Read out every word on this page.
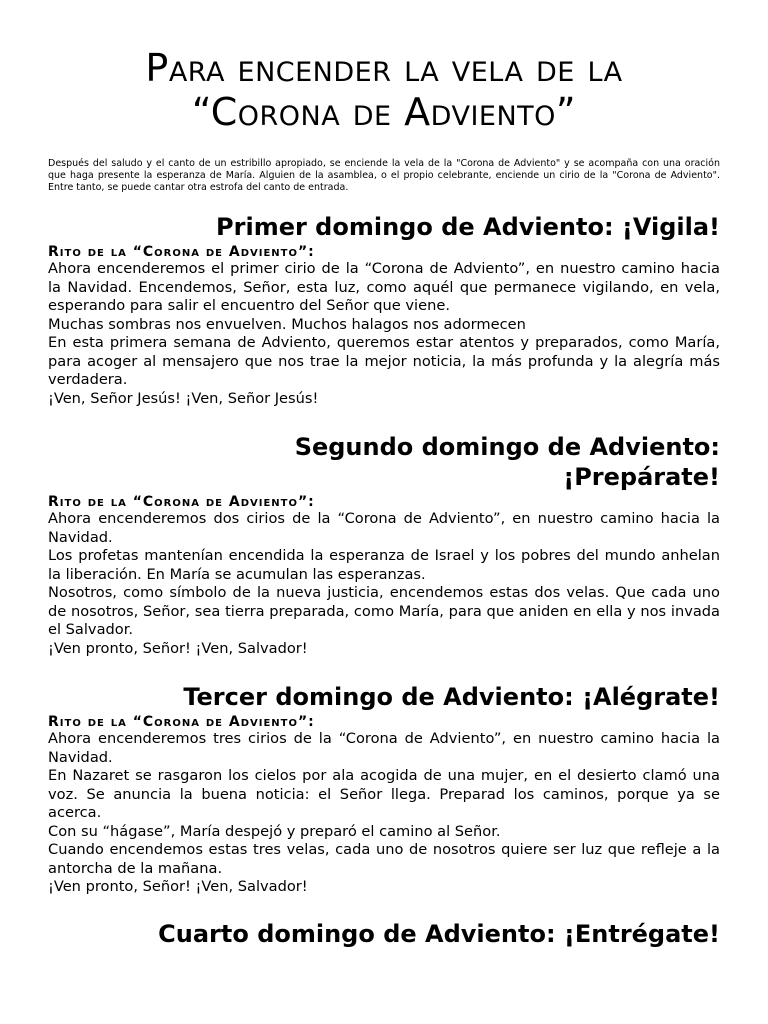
Para encender la vela de la
“Corona de Adviento”

Después del saludo y el canto de un estribillo apropiado, se enciende la vela de la "Corona de Adviento" y se acompaña con una oración que haga presente la esperanza de María. Alguien de la asamblea, o el propio celebrante, enciende un cirio de la "Corona de Adviento". Entre tanto, se puede cantar otra estrofa del canto de entrada.

Primer domingo de Adviento: ¡Vigila!
Rito de la “Corona de Adviento”:

Ahora encenderemos el primer cirio de la “Corona de Adviento”, en nuestro camino hacia la Navidad. Encendemos, Señor, esta luz, como aquél que permanece vigilando, en vela, esperando para salir el encuentro del Señor que viene.

Muchas sombras nos envuelven. Muchos halagos nos adormecen

En esta primera semana de Adviento, queremos estar atentos y preparados, como María, para acoger al mensajero que nos trae la mejor noticia, la más profunda y la alegría más verdadera.

¡Ven, Señor Jesús! ¡Ven, Señor Jesús!

Segundo domingo de Adviento:
¡Prepárate!
Rito de la “Corona de Adviento”:

Ahora encenderemos dos cirios de la “Corona de Adviento”, en nuestro camino hacia la Navidad.

Los profetas mantenían encendida la esperanza de Israel y los pobres del mundo anhelan la liberación. En María se acumulan las esperanzas.

Nosotros, como símbolo de la nueva justicia, encendemos estas dos velas. Que cada uno de nosotros, Señor, sea tierra preparada, como María, para que aniden en ella y nos invada el Salvador.

¡Ven pronto, Señor! ¡Ven, Salvador!

Tercer domingo de Adviento: ¡Alégrate!
Rito de la “Corona de Adviento”:

Ahora encenderemos tres cirios de la “Corona de Adviento”, en nuestro camino hacia la Navidad.

En Nazaret se rasgaron los cielos por ala acogida de una mujer, en el desierto clamó una voz. Se anuncia la buena noticia: el Señor llega. Preparad los caminos, porque ya se acerca.

Con su “hágase”, María despejó y preparó el camino al Señor.

Cuando encendemos estas tres velas, cada uno de nosotros quiere ser luz que refleje a la antorcha de la mañana.

¡Ven pronto, Señor! ¡Ven, Salvador!

Cuarto domingo de Adviento: ¡Entrégate!
